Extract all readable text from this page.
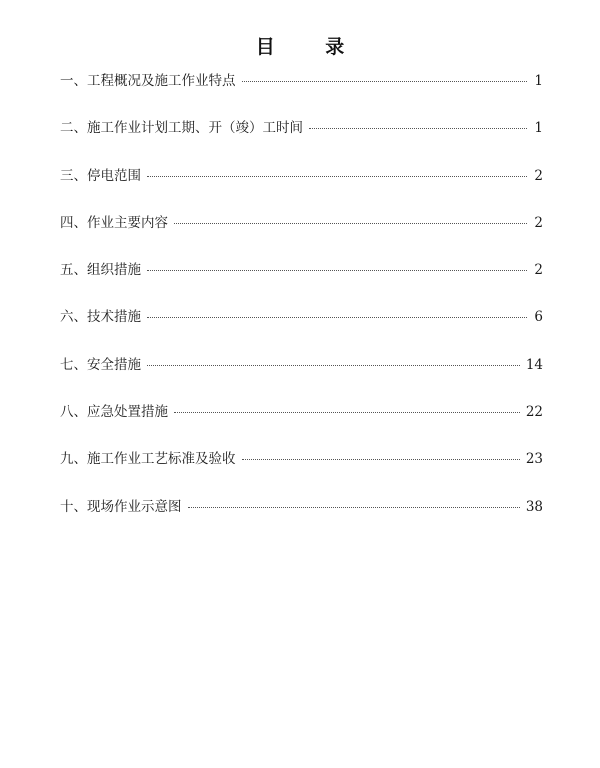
目 录
一、工程概况及施工作业特点	1
二、施工作业计划工期、开（竣）工时间	1
三、停电范围	2
四、作业主要内容	2
五、组织措施	2
六、技术措施	6
七、安全措施	14
八、应急处置措施	22
九、施工作业工艺标准及验收	23
十、现场作业示意图	38
